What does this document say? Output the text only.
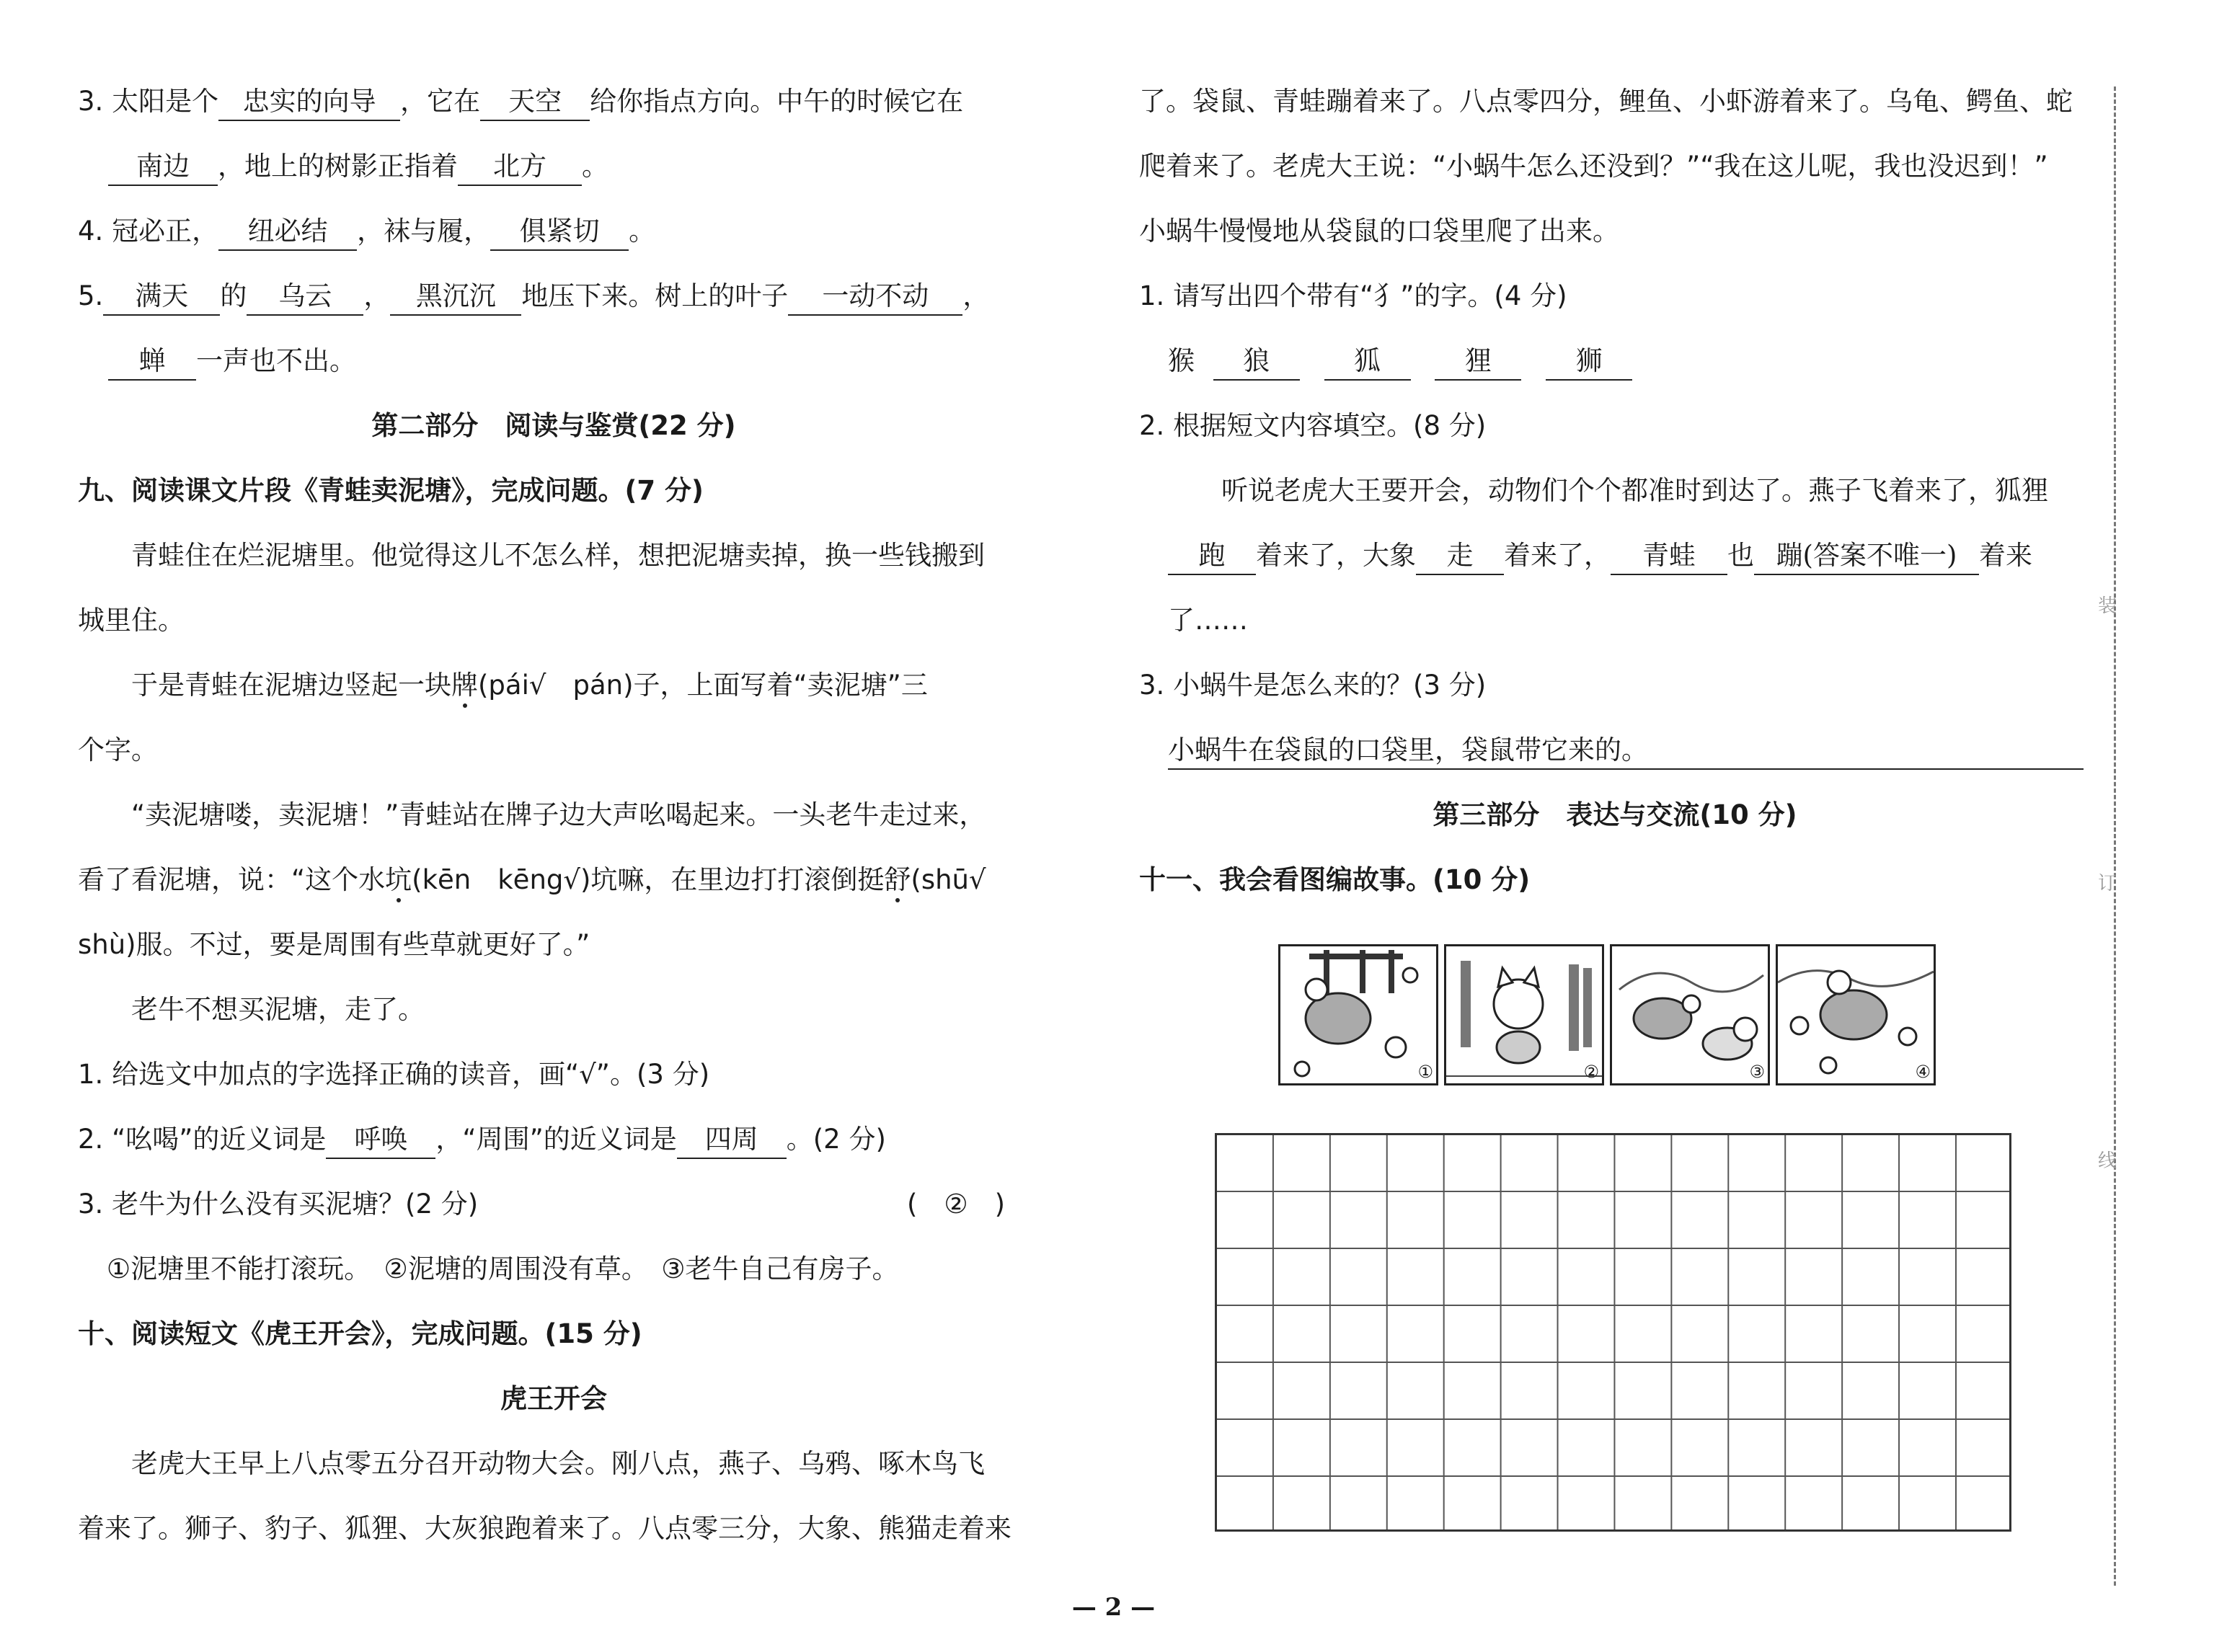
3. 太阳是个 忠实的向导 ，它在 天空 给你指点方向。中午的时候它在
南边 ，地上的树影正指着 北方 。
4. 冠必正， 纽必结 ，袜与履， 俱紧切 。
5. 满天 的 乌云 ， 黑沉沉 地压下来。树上的叶子 一动不动 ，
蝉 一声也不出。
第二部分　阅读与鉴赏(22 分)
九、阅读课文片段《青蛙卖泥塘》，完成问题。(7 分)
青蛙住在烂泥塘里。他觉得这儿不怎么样，想把泥塘卖掉，换一些钱搬到
城里住。
于是青蛙在泥塘边竖起一块牌(pái√　pán)子，上面写着“卖泥塘”三
个字。
“卖泥塘喽，卖泥塘！”青蛙站在牌子边大声吆喝起来。一头老牛走过来，
看了看泥塘，说：“这个水坑(kēn　kēng√)坑嘛，在里边打打滚倒挺舒(shū√
shù)服。不过，要是周围有些草就更好了。”
老牛不想买泥塘，走了。
1. 给选文中加点的字选择正确的读音，画“√”。(3 分)
2. “吆喝”的近义词是 呼唤 ，“周围”的近义词是 四周 。(2 分)
3. 老牛为什么没有买泥塘？(2 分)	(　 ②　 )
①泥塘里不能打滚玩。　②泥塘的周围没有草。　③老牛自己有房子。
十、阅读短文《虎王开会》，完成问题。(15 分)
虎王开会
老虎大王早上八点零五分召开动物大会。刚八点，燕子、乌鸦、啄木鸟飞
着来了。狮子、豹子、狐狸、大灰狼跑着来了。八点零三分，大象、熊猫走着来
了。袋鼠、青蛙蹦着来了。八点零四分，鲤鱼、小虾游着来了。乌龟、鳄鱼、蛇
爬着来了。老虎大王说：“小蜗牛怎么还没到？”“我在这儿呢，我也没迟到！”
小蜗牛慢慢地从袋鼠的口袋里爬了出来。
1. 请写出四个带有“犭”的字。(4 分)
猴 狼	狐	狸	狮
2. 根据短文内容填空。(8 分)
听说老虎大王要开会，动物们个个都准时到达了。燕子飞着来了，狐狸
跑 着来了，大象 走 着来了， 青蛙 也 蹦(答案不唯一) 着来
了……
3. 小蜗牛是怎么来的？(3 分)
小蜗牛在袋鼠的口袋里，袋鼠带它来的。
第三部分　表达与交流(10 分)
十一、我会看图编故事。(10 分)
①	②	③	④
装
订
线
— 2 —
